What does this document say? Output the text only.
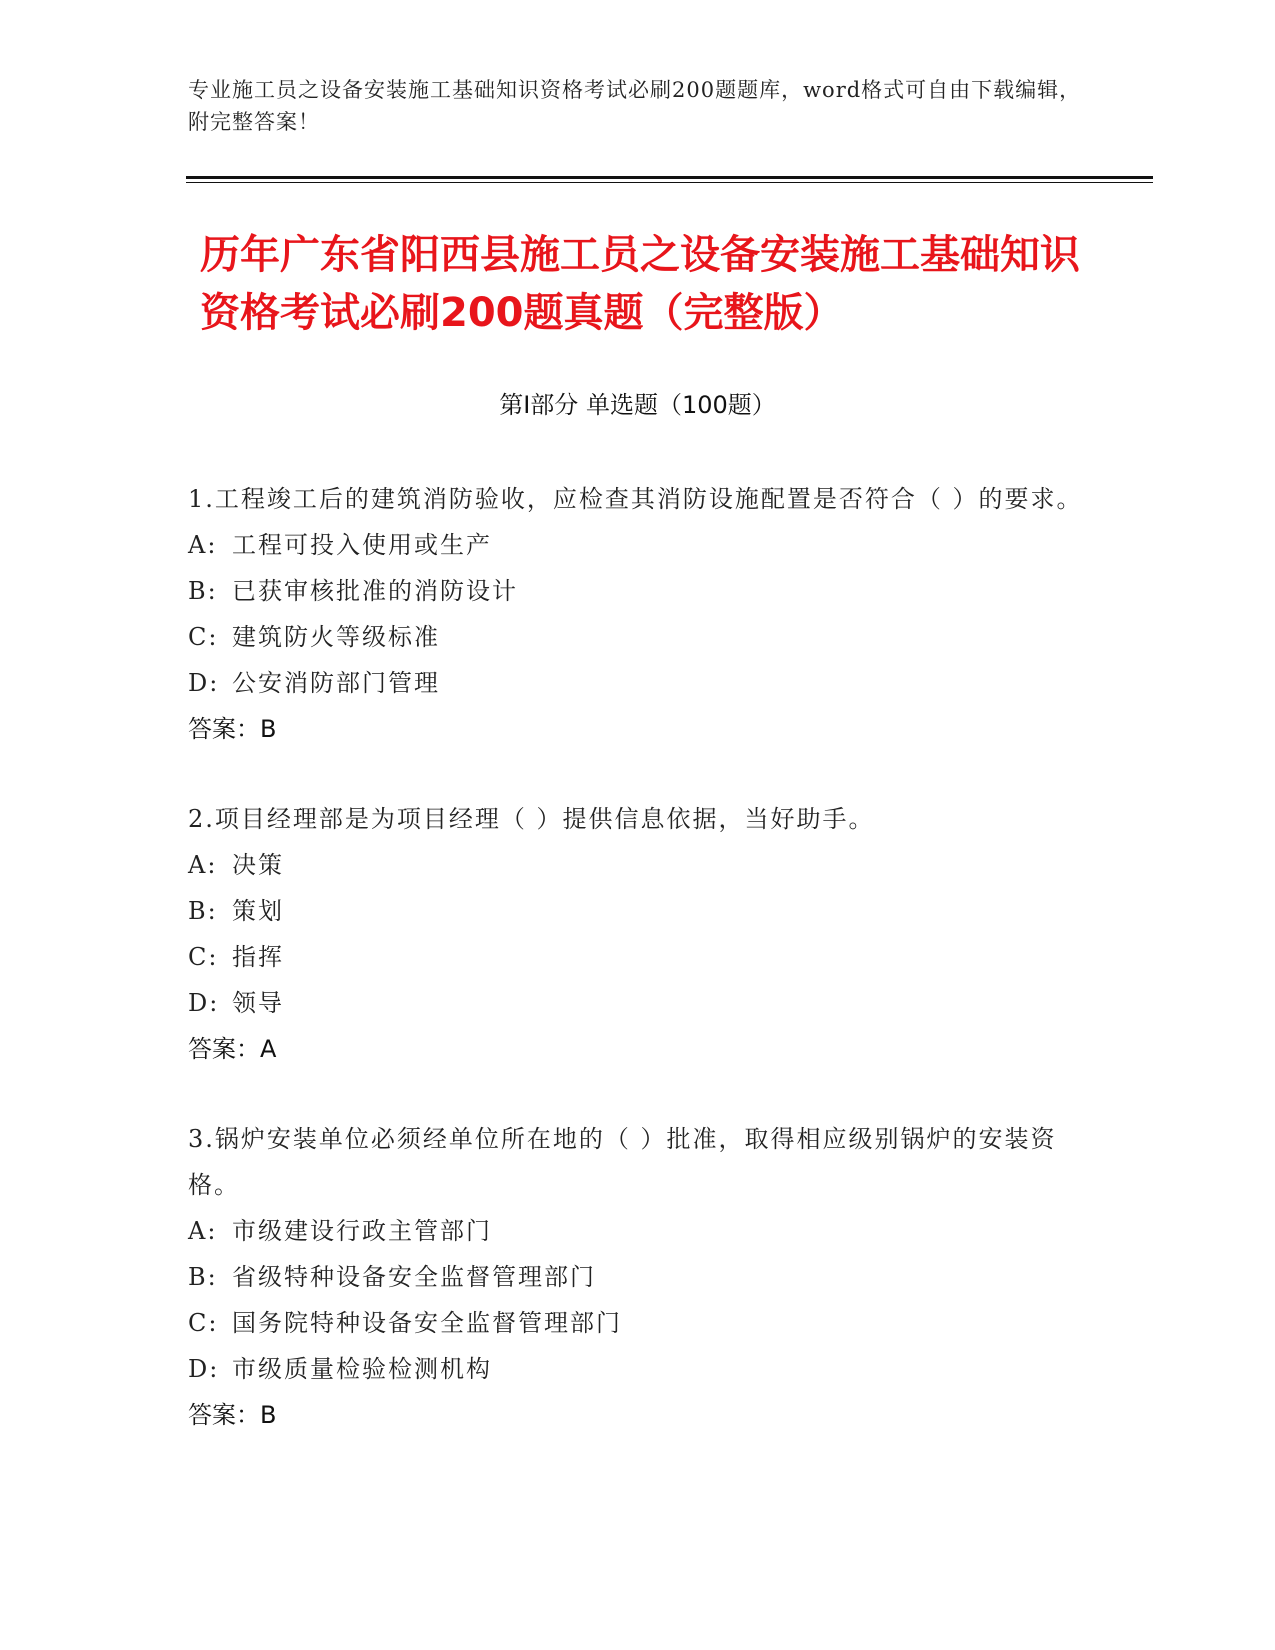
专业施工员之设备安装施工基础知识资格考试必刷200题题库，word格式可自由下载编辑，附完整答案！
历年广东省阳西县施工员之设备安装施工基础知识资格考试必刷200题真题（完整版）
第Ⅰ部分 单选题（100题）
1.工程竣工后的建筑消防验收，应检查其消防设施配置是否符合（ ）的要求。
A: 工程可投入使用或生产
B: 已获审核批准的消防设计
C: 建筑防火等级标准
D: 公安消防部门管理
答案：B
2.项目经理部是为项目经理（ ）提供信息依据，当好助手。
A: 决策
B: 策划
C: 指挥
D: 领导
答案：A
3.锅炉安装单位必须经单位所在地的（ ）批准，取得相应级别锅炉的安装资格。
A: 市级建设行政主管部门
B: 省级特种设备安全监督管理部门
C: 国务院特种设备安全监督管理部门
D: 市级质量检验检测机构
答案：B
